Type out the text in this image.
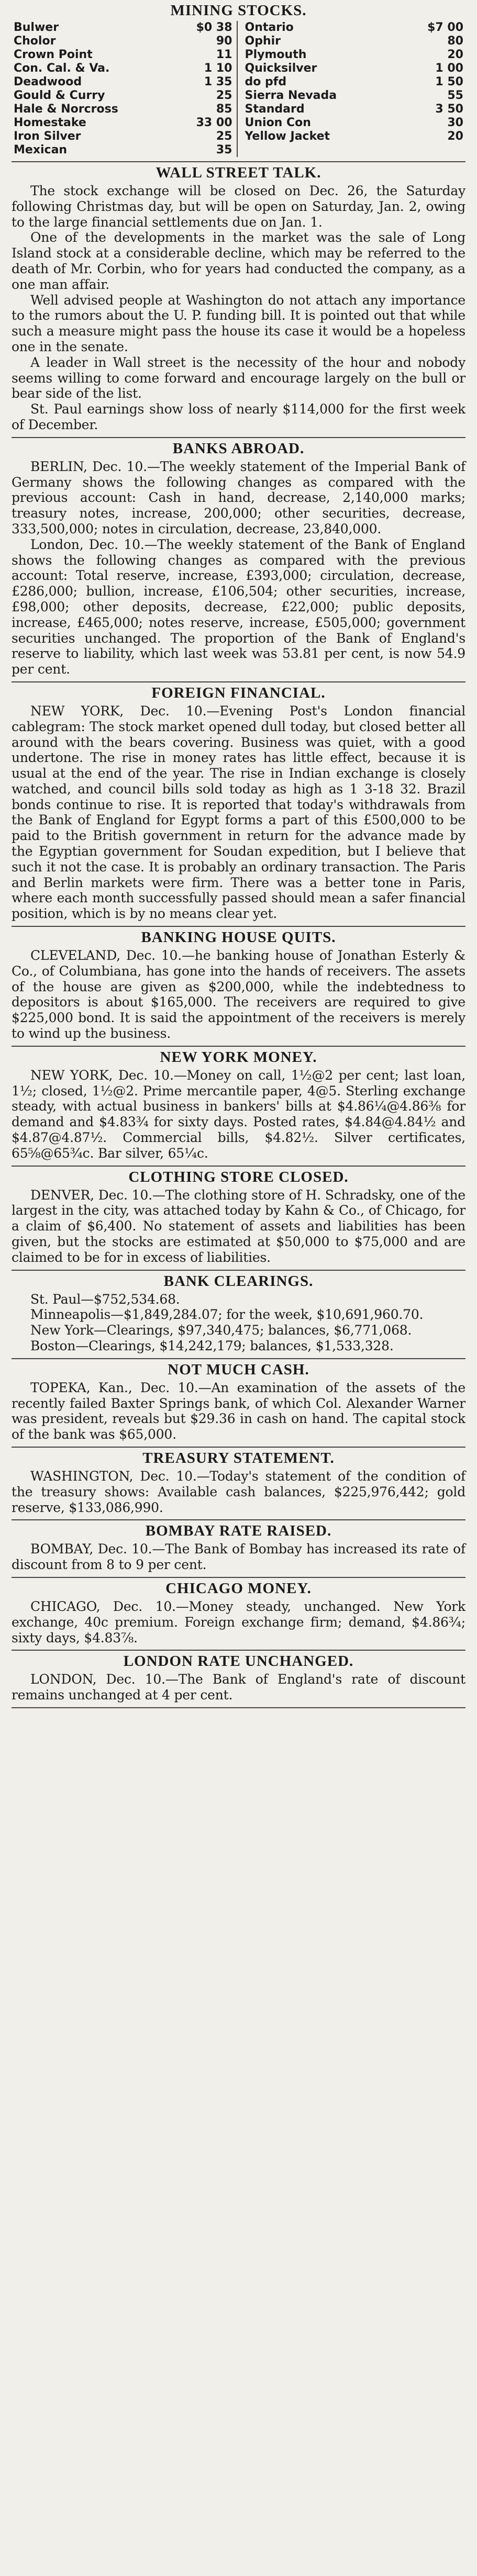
MINING STOCKS.
Bulwer	$0 38
Cholor	90
Crown Point	11
Con. Cal. & Va.	1 10
Deadwood	1 35
Gould & Curry	25
Hale & Norcross	85
Homestake	33 00
Iron Silver	25
Mexican	35
Ontario	$7 00
Ophir	80
Plymouth	20
Quicksilver	1 00
do pfd	1 50
Sierra Nevada	55
Standard	3 50
Union Con	30
Yellow Jacket	20
WALL STREET TALK.

The stock exchange will be closed on Dec. 26, the Saturday following Christmas day, but will be open on Saturday, Jan. 2, owing to the large financial settlements due on Jan. 1.

One of the developments in the market was the sale of Long Island stock at a considerable decline, which may be referred to the death of Mr. Corbin, who for years had conducted the company, as a one man affair.

Well advised people at Washington do not attach any importance to the rumors about the U. P. funding bill. It is pointed out that while such a measure might pass the house its case it would be a hopeless one in the senate.

A leader in Wall street is the necessity of the hour and nobody seems willing to come forward and encourage largely on the bull or bear side of the list.

St. Paul earnings show loss of nearly $114,000 for the first week of December.

BANKS ABROAD.

BERLIN, Dec. 10.—The weekly statement of the Imperial Bank of Germany shows the following changes as compared with the previous account: Cash in hand, decrease, 2,140,000 marks; treasury notes, increase, 200,000; other securities, decrease, 333,500,000; notes in circulation, decrease, 23,840,000.

London, Dec. 10.—The weekly statement of the Bank of England shows the following changes as compared with the previous account: Total reserve, increase, £393,000; circulation, decrease, £286,000; bullion, increase, £106,504; other securities, increase, £98,000; other deposits, decrease, £22,000; public deposits, increase, £465,000; notes reserve, increase, £505,000; government securities unchanged. The proportion of the Bank of England's reserve to liability, which last week was 53.81 per cent, is now 54.9 per cent.

FOREIGN FINANCIAL.

NEW YORK, Dec. 10.—Evening Post's London financial cablegram: The stock market opened dull today, but closed better all around with the bears covering. Business was quiet, with a good undertone. The rise in money rates has little effect, because it is usual at the end of the year. The rise in Indian exchange is closely watched, and council bills sold today as high as 1 3-18 32. Brazil bonds continue to rise. It is reported that today's withdrawals from the Bank of England for Egypt forms a part of this £500,000 to be paid to the British government in return for the advance made by the Egyptian government for Soudan expedition, but I believe that such it not the case. It is probably an ordinary transaction. The Paris and Berlin markets were firm. There was a better tone in Paris, where each month successfully passed should mean a safer financial position, which is by no means clear yet.

BANKING HOUSE QUITS.

CLEVELAND, Dec. 10.—he banking house of Jonathan Esterly & Co., of Columbiana, has gone into the hands of receivers. The assets of the house are given as $200,000, while the indebtedness to depositors is about $165,000. The receivers are required to give $225,000 bond. It is said the appointment of the receivers is merely to wind up the business.

NEW YORK MONEY.

NEW YORK, Dec. 10.—Money on call, 1½@2 per cent; last loan, 1½; closed, 1½@2. Prime mercantile paper, 4@5. Sterling exchange steady, with actual business in bankers' bills at $4.86¼@4.86⅜ for demand and $4.83¾ for sixty days. Posted rates, $4.84@4.84½ and $4.87@4.87½. Commercial bills, $4.82½. Silver certificates, 65⅝@65¾c. Bar silver, 65¼c.

CLOTHING STORE CLOSED.

DENVER, Dec. 10.—The clothing store of H. Schradsky, one of the largest in the city, was attached today by Kahn & Co., of Chicago, for a claim of $6,400. No statement of assets and liabilities has been given, but the stocks are estimated at $50,000 to $75,000 and are claimed to be for in excess of liabilities.

BANK CLEARINGS.

St. Paul—$752,534.68.

Minneapolis—$1,849,284.07; for the week, $10,691,960.70.

New York—Clearings, $97,340,475; balances, $6,771,068.

Boston—Clearings, $14,242,179; balances, $1,533,328.

NOT MUCH CASH.

TOPEKA, Kan., Dec. 10.—An examination of the assets of the recently failed Baxter Springs bank, of which Col. Alexander Warner was president, reveals but $29.36 in cash on hand. The capital stock of the bank was $65,000.

TREASURY STATEMENT.

WASHINGTON, Dec. 10.—Today's statement of the condition of the treasury shows: Available cash balances, $225,976,442; gold reserve, $133,086,990.

BOMBAY RATE RAISED.

BOMBAY, Dec. 10.—The Bank of Bombay has increased its rate of discount from 8 to 9 per cent.

CHICAGO MONEY.

CHICAGO, Dec. 10.—Money steady, unchanged. New York exchange, 40c premium. Foreign exchange firm; demand, $4.86¾; sixty days, $4.83⅞.

LONDON RATE UNCHANGED.

LONDON, Dec. 10.—The Bank of England's rate of discount remains unchanged at 4 per cent.
